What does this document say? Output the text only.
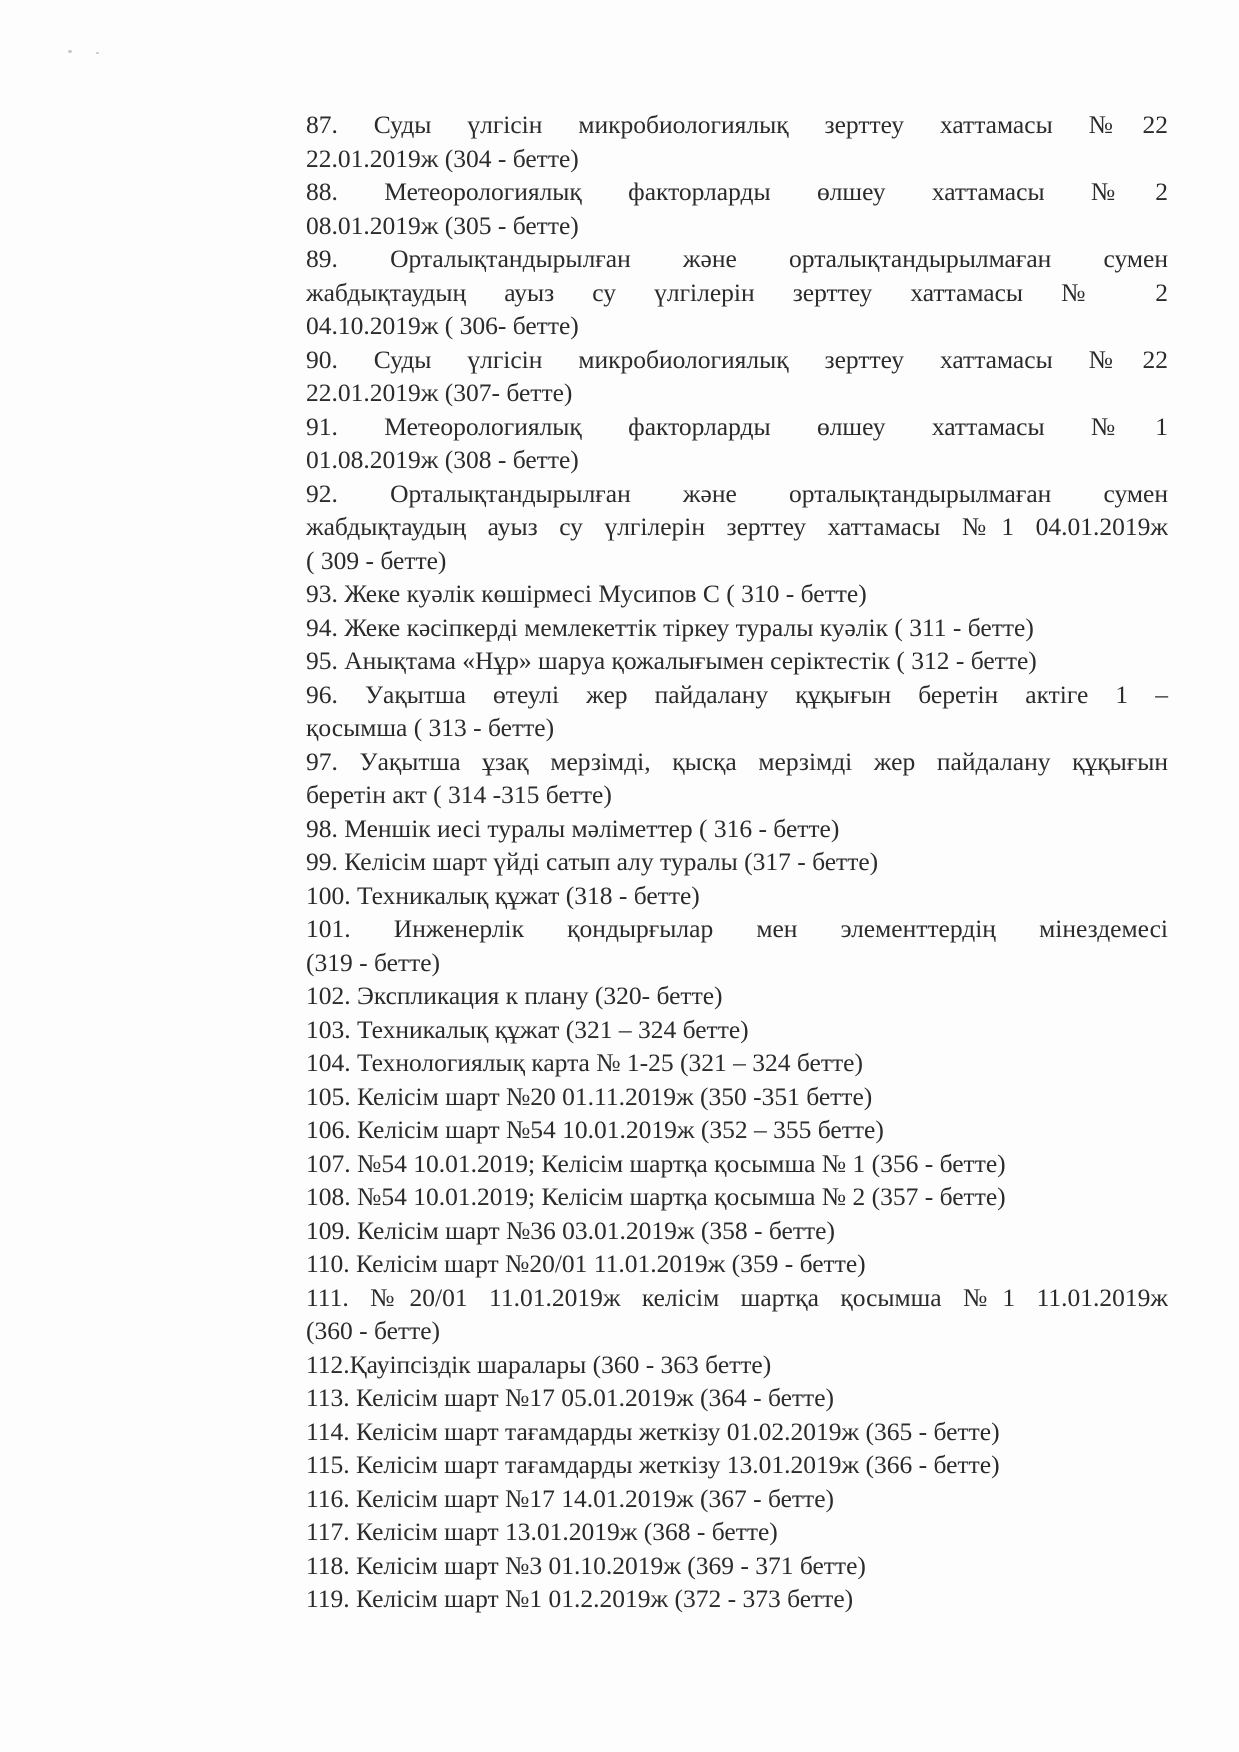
87. Суды үлгісін микробиологиялық зерттеу хаттамасы №22
22.01.2019ж (304 - бетте)
88. Метеорологиялық факторларды өлшеу хаттамасы №2
08.01.2019ж (305 - бетте)
89. Орталықтандырылған және орталықтандырылмаған сумен
жабдықтаудың ауыз су үлгілерін зерттеу хаттамасы № 2
04.10.2019ж ( 306- бетте)
90. Суды үлгісін микробиологиялық зерттеу хаттамасы №22
22.01.2019ж (307- бетте)
91. Метеорологиялық факторларды өлшеу хаттамасы №1
01.08.2019ж (308 - бетте)
92. Орталықтандырылған және орталықтандырылмаған сумен
жабдықтаудың ауыз су үлгілерін зерттеу хаттамасы №1 04.01.2019ж
( 309 - бетте)
93. Жеке куәлік көшірмесі Мусипов С ( 310 - бетте)
94. Жеке кәсіпкерді мемлекеттік тіркеу туралы куәлік ( 311 - бетте)
95. Анықтама «Нұр» шаруа қожалығымен серіктестік ( 312 - бетте)
96. Уақытша өтеулі жер пайдалану құқығын беретін актіге 1 –
қосымша ( 313 - бетте)
97. Уақытша ұзақ мерзімді, қысқа мерзімді жер пайдалану құқығын
беретін акт ( 314 -315 бетте)
98. Меншік иесі туралы мәліметтер ( 316 - бетте)
99. Келісім шарт үйді сатып алу туралы (317 - бетте)
100. Техникалық құжат (318 - бетте)
101. Инженерлік қондырғылар мен элементтердің мінездемесі
(319 - бетте)
102. Экспликация к плану (320- бетте)
103. Техникалық құжат (321 – 324 бетте)
104. Технологиялық карта № 1-25 (321 – 324 бетте)
105. Келісім шарт №20 01.11.2019ж (350 -351 бетте)
106. Келісім шарт №54 10.01.2019ж (352 – 355 бетте)
107. №54 10.01.2019; Келісім шартқа қосымша № 1 (356 - бетте)
108. №54 10.01.2019; Келісім шартқа қосымша № 2 (357 - бетте)
109. Келісім шарт №36 03.01.2019ж (358 - бетте)
110. Келісім шарт №20/01 11.01.2019ж (359 - бетте)
111. №20/01 11.01.2019ж келісім шартқа қосымша №1 11.01.2019ж
(360 - бетте)
112.Қауіпсіздік шаралары (360 - 363 бетте)
113. Келісім шарт №17 05.01.2019ж (364 - бетте)
114. Келісім шарт тағамдарды жеткізу 01.02.2019ж (365 - бетте)
115. Келісім шарт тағамдарды жеткізу 13.01.2019ж (366 - бетте)
116. Келісім шарт №17 14.01.2019ж (367 - бетте)
117. Келісім шарт 13.01.2019ж (368 - бетте)
118. Келісім шарт №3 01.10.2019ж (369 - 371 бетте)
119. Келісім шарт №1 01.2.2019ж (372 - 373 бетте)
